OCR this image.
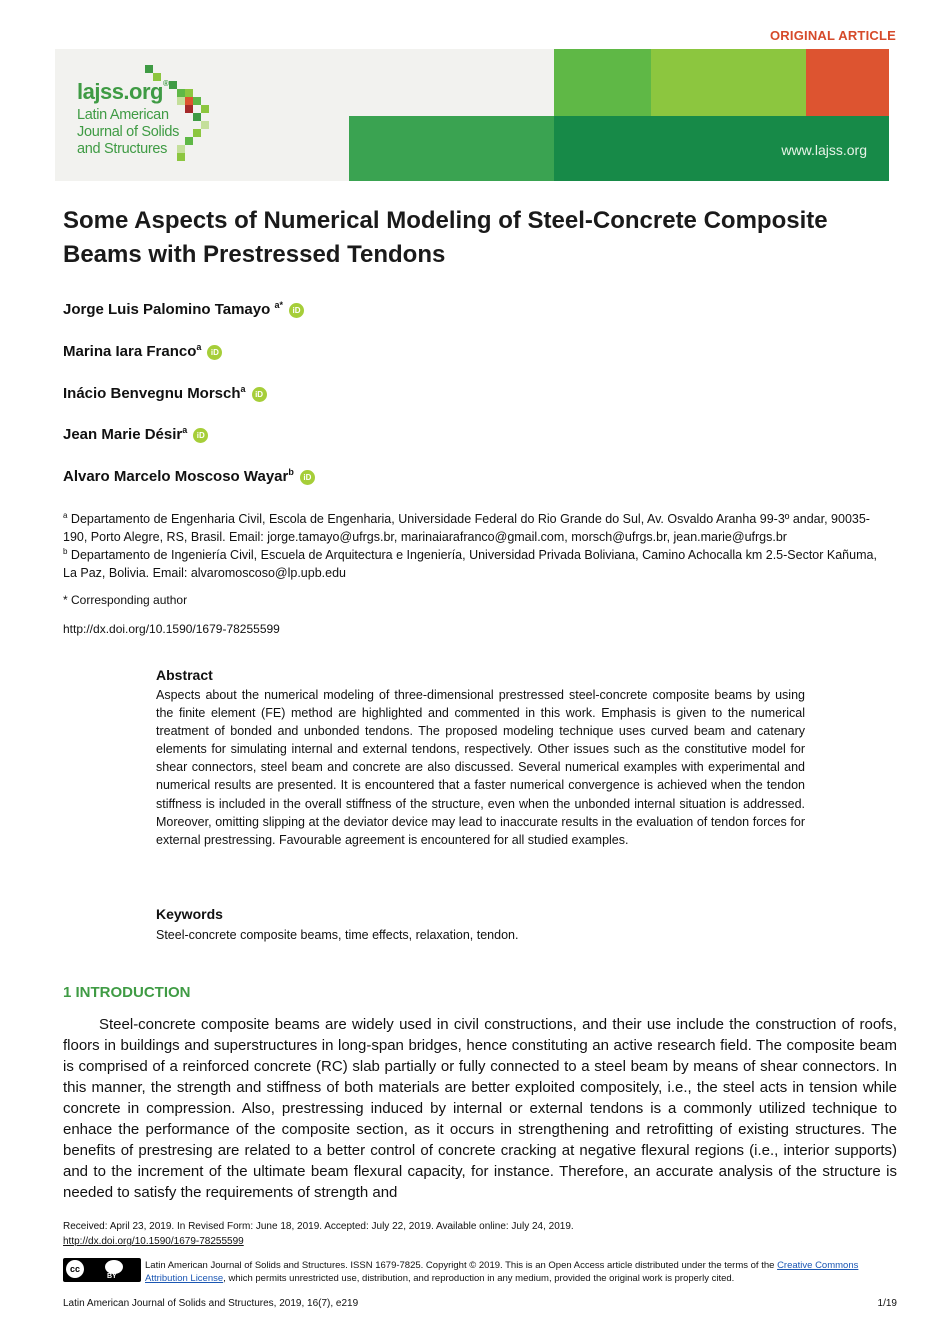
ORIGINAL ARTICLE
lajss.org®
Latin American
Journal of Solids
and Structures	www.lajss.org
Some Aspects of Numerical Modeling of Steel-Concrete Composite Beams with Prestressed Tendons
Jorge Luis Palomino Tamayo $^{a*}$iD
Marina Iara Franco$^a$iD
Inácio Benvegnu Morsch$^a$iD
Jean Marie Désir$^a$iD
Alvaro Marcelo Moscoso Wayar$^b$iD
$^a$ Departamento de Engenharia Civil, Escola de Engenharia, Universidade Federal do Rio Grande do Sul, Av. Osvaldo Aranha 99-3º andar, 90035-190, Porto Alegre, RS, Brasil. Email: jorge.tamayo@ufrgs.br, marinaiarafranco@gmail.com, morsch@ufrgs.br, jean.marie@ufrgs.br
$^b$ Departamento de Ingeniería Civil, Escuela de Arquitectura e Ingeniería, Universidad Privada Boliviana, Camino Achocalla km 2.5-Sector Kañuma, La Paz, Bolivia. Email: alvaromoscoso@lp.upb.edu
* Corresponding author
http://dx.doi.org/10.1590/1679-78255599
Abstract
Aspects about the numerical modeling of three-dimensional prestressed steel-concrete composite beams by using the finite element (FE) method are highlighted and commented in this work. Emphasis is given to the numerical treatment of bonded and unbonded tendons. The proposed modeling technique uses curved beam and catenary elements for simulating internal and external tendons, respectively. Other issues such as the constitutive model for shear connectors, steel beam and concrete are also discussed. Several numerical examples with experimental and numerical results are presented. It is encountered that a faster numerical convergence is achieved when the tendon stiffness is included in the overall stiffness of the structure, even when the unbonded internal situation is addressed. Moreover, omitting slipping at the deviator device may lead to inaccurate results in the evaluation of tendon forces for external prestressing. Favourable agreement is encountered for all studied examples.
Keywords
Steel-concrete composite beams, time effects, relaxation, tendon.
1 INTRODUCTION
Steel-concrete composite beams are widely used in civil constructions, and their use include the construction of roofs, floors in buildings and superstructures in long-span bridges, hence constituting an active research field. The composite beam is comprised of a reinforced concrete (RC) slab partially or fully connected to a steel beam by means of shear connectors. In this manner, the strength and stiffness of both materials are better exploited compositely, i.e., the steel acts in tension while concrete in compression. Also, prestressing induced by internal or external tendons is a commonly utilized technique to enhace the performance of the composite section, as it occurs in strengthening and retrofitting of existing structures. The benefits of prestresing are related to a better control of concrete cracking at negative flexural regions (i.e., interior supports) and to the increment of the ultimate beam flexural capacity, for instance. Therefore, an accurate analysis of the structure is needed to satisfy the requirements of strength and
Received: April 23, 2019. In Revised Form: June 18, 2019. Accepted: July 22, 2019. Available online: July 24, 2019.
http://dx.doi.org/10.1590/1679-78255599
cc
BY
Latin American Journal of Solids and Structures. ISSN 1679-7825. Copyright © 2019. This is an Open Access article distributed under the terms of the Creative Commons Attribution License, which permits unrestricted use, distribution, and reproduction in any medium, provided the original work is properly cited.
Latin American Journal of Solids and Structures, 2019, 16(7), e219	1/19
